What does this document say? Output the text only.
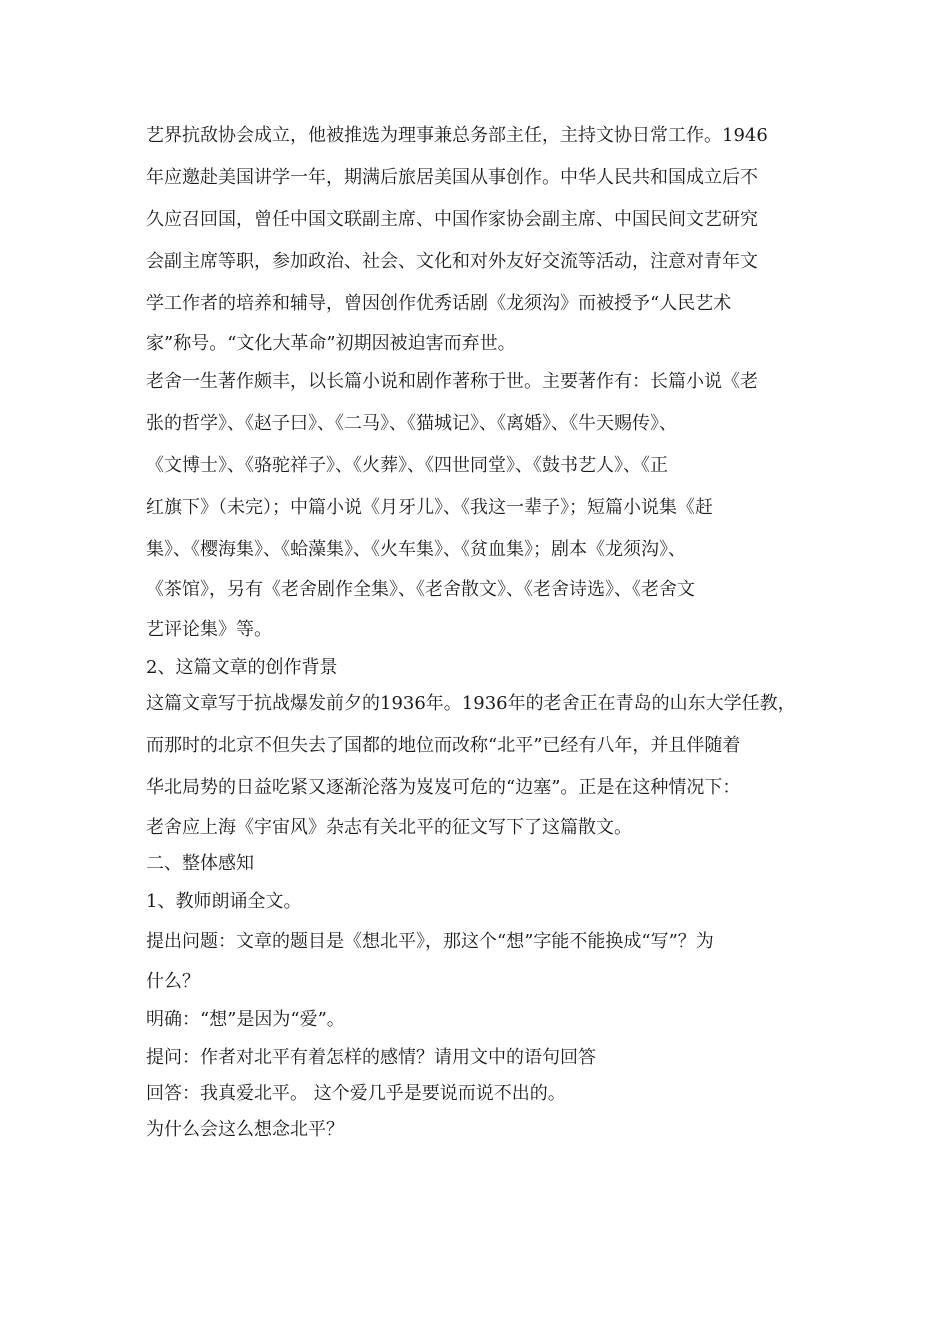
艺界抗敌协会成立，他被推选为理事兼总务部主任，主持文协日常工作。1946
年应邀赴美国讲学一年，期满后旅居美国从事创作。中华人民共和国成立后不
久应召回国，曾任中国文联副主席、中国作家协会副主席、中国民间文艺研究
会副主席等职，参加政治、社会、文化和对外友好交流等活动，注意对青年文
学工作者的培养和辅导，曾因创作优秀话剧《龙须沟》而被授予“人民艺术
家”称号。“文化大革命”初期因被迫害而弃世。
老舍一生著作颇丰，以长篇小说和剧作著称于世。主要著作有：长篇小说《老
张的哲学》、《赵子曰》、《二马》、《猫城记》、《离婚》、《牛天赐传》、
《文博士》、《骆驼祥子》、《火葬》、《四世同堂》、《鼓书艺人》、《正
红旗下》（未完）；中篇小说《月牙儿》、《我这一辈子》；短篇小说集《赶
集》、《樱海集》、《蛤藻集》、《火车集》、《贫血集》；剧本《龙须沟》、
《茶馆》，另有《老舍剧作全集》、《老舍散文》、《老舍诗选》、《老舍文
艺评论集》等。
2、这篇文章的创作背景
这篇文章写于抗战爆发前夕的1936年。1936年的老舍正在青岛的山东大学任教，
而那时的北京不但失去了国都的地位而改称“北平”已经有八年，并且伴随着
华北局势的日益吃紧又逐渐沦落为岌岌可危的“边塞”。正是在这种情况下：
老舍应上海《宇宙风》杂志有关北平的征文写下了这篇散文。
二、整体感知
1、教师朗诵全文。
提出问题：文章的题目是《想北平》，那这个“想”字能不能换成“写”？为
什么？
明确：“想”是因为“爱”。
提问：作者对北平有着怎样的感情？请用文中的语句回答
回答：我真爱北平。 这个爱几乎是要说而说不出的。
为什么会这么想念北平？
